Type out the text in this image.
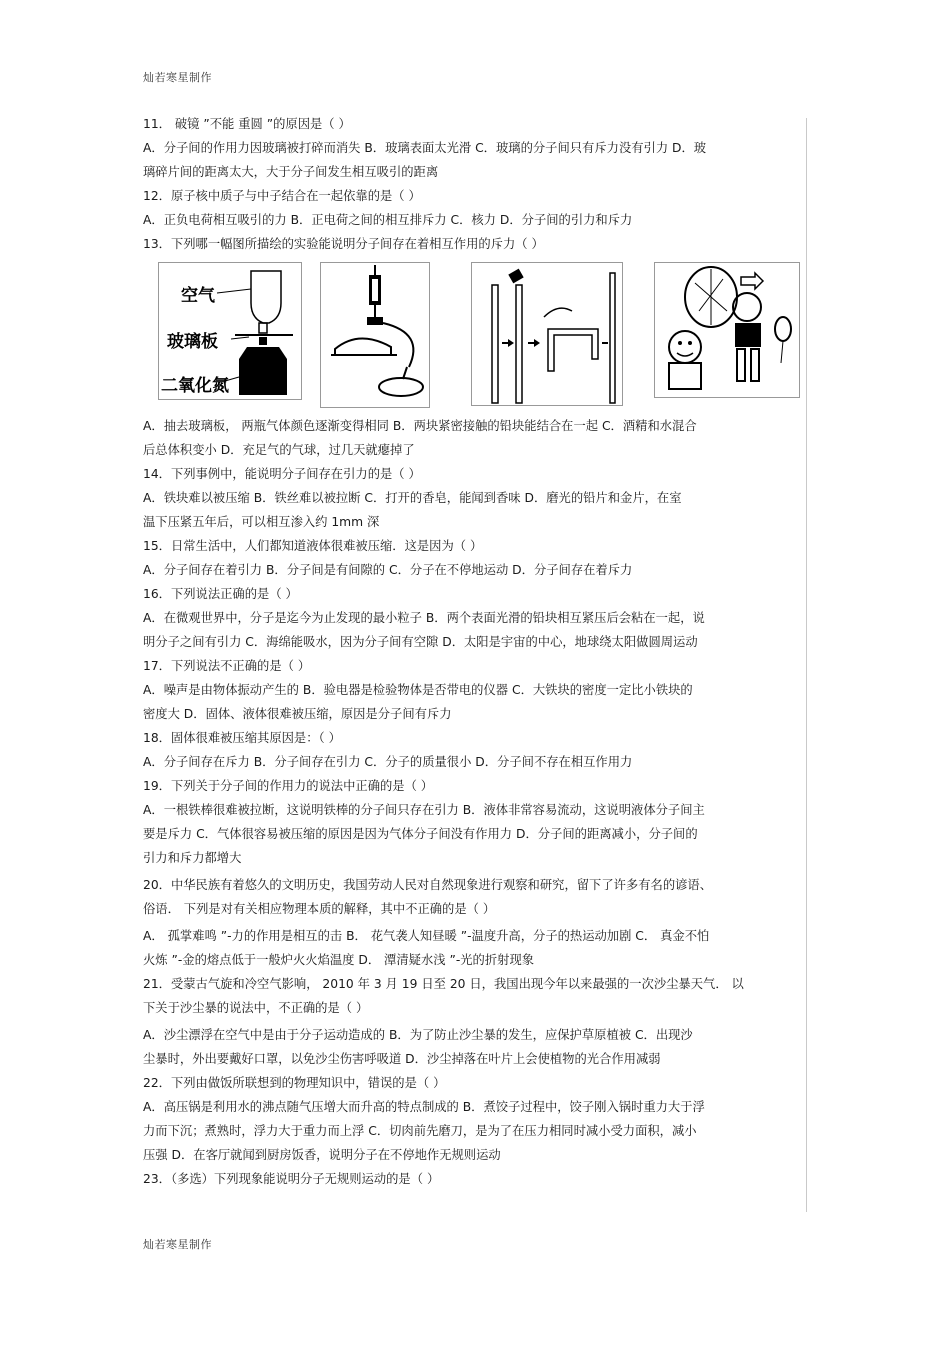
灿若寒星制作
11． 破镜 ”不能 重圆 ”的原因是（ ）
A．分子间的作用力因玻璃被打碎而消失 B．玻璃表面太光滑 C．玻璃的分子间只有斥力没有引力 D．玻
璃碎片间的距离太大，大于分子间发生相互吸引的距离
12．原子核中质子与中子结合在一起依靠的是（ ）
A．正负电荷相互吸引的力 B．正电荷之间的相互排斥力 C．核力 D．分子间的引力和斥力
13．下列哪一幅图所描绘的实验能说明分子间存在着相互作用的斥力（ ）
空气
玻璃板
二氧化氮
A．抽去玻璃板， 两瓶气体颜色逐渐变得相同 B．两块紧密接触的铅块能结合在一起 C．酒精和水混合
后总体积变小 D．充足气的气球，过几天就瘪掉了
14．下列事例中，能说明分子间存在引力的是（ ）
A．铁块难以被压缩 B．铁丝难以被拉断 C．打开的香皂，能闻到香味 D．磨光的铅片和金片，在室
温下压紧五年后，可以相互渗入约 1mm 深
15．日常生活中，人们都知道液体很难被压缩．这是因为（ ）
A．分子间存在着引力 B．分子间是有间隙的 C．分子在不停地运动 D．分子间存在着斥力
16．下列说法正确的是（ ）
A．在微观世界中，分子是迄今为止发现的最小粒子 B．两个表面光滑的铅块相互紧压后会粘在一起，说
明分子之间有引力 C．海绵能吸水，因为分子间有空隙 D．太阳是宇宙的中心，地球绕太阳做圆周运动
17．下列说法不正确的是（ ）
A．噪声是由物体振动产生的 B．验电器是检验物体是否带电的仪器 C．大铁块的密度一定比小铁块的
密度大 D．固体、液体很难被压缩，原因是分子间有斥力
18．固体很难被压缩其原因是：（ ）
A．分子间存在斥力 B．分子间存在引力 C．分子的质量很小 D．分子间不存在相互作用力
19．下列关于分子间的作用力的说法中正确的是（ ）
A．一根铁棒很难被拉断，这说明铁棒的分子间只存在引力 B．液体非常容易流动，这说明液体分子间主
要是斥力 C．气体很容易被压缩的原因是因为气体分子间没有作用力 D．分子间的距离减小，分子间的
引力和斥力都增大
20．中华民族有着悠久的文明历史，我国劳动人民对自然现象进行观察和研究，留下了许多有名的谚语、
俗语． 下列是对有关相应物理本质的解释，其中不正确的是（ ）
A． 孤掌难鸣 ”-力的作用是相互的击 B． 花气袭人知昼暖 ”-温度升高，分子的热运动加剧 C． 真金不怕
火炼 ”-金的熔点低于一般炉火火焰温度 D． 潭清疑水浅 ”-光的折射现象
21．受蒙古气旋和冷空气影响， 2010 年 3 月 19 日至 20 日，我国出现今年以来最强的一次沙尘暴天气． 以
下关于沙尘暴的说法中，不正确的是（ ）
A．沙尘漂浮在空气中是由于分子运动造成的 B．为了防止沙尘暴的发生，应保护草原植被 C．出现沙
尘暴时，外出要戴好口罩，以免沙尘伤害呼吸道 D．沙尘掉落在叶片上会使植物的光合作用减弱
22．下列由做饭所联想到的物理知识中，错误的是（ ）
A．高压锅是利用水的沸点随气压增大而升高的特点制成的 B．煮饺子过程中，饺子刚入锅时重力大于浮
力而下沉；煮熟时，浮力大于重力而上浮 C．切肉前先磨刀，是为了在压力相同时减小受力面积，减小
压强 D．在客厅就闻到厨房饭香，说明分子在不停地作无规则运动
23．（多选）下列现象能说明分子无规则运动的是（ ）
灿若寒星制作
